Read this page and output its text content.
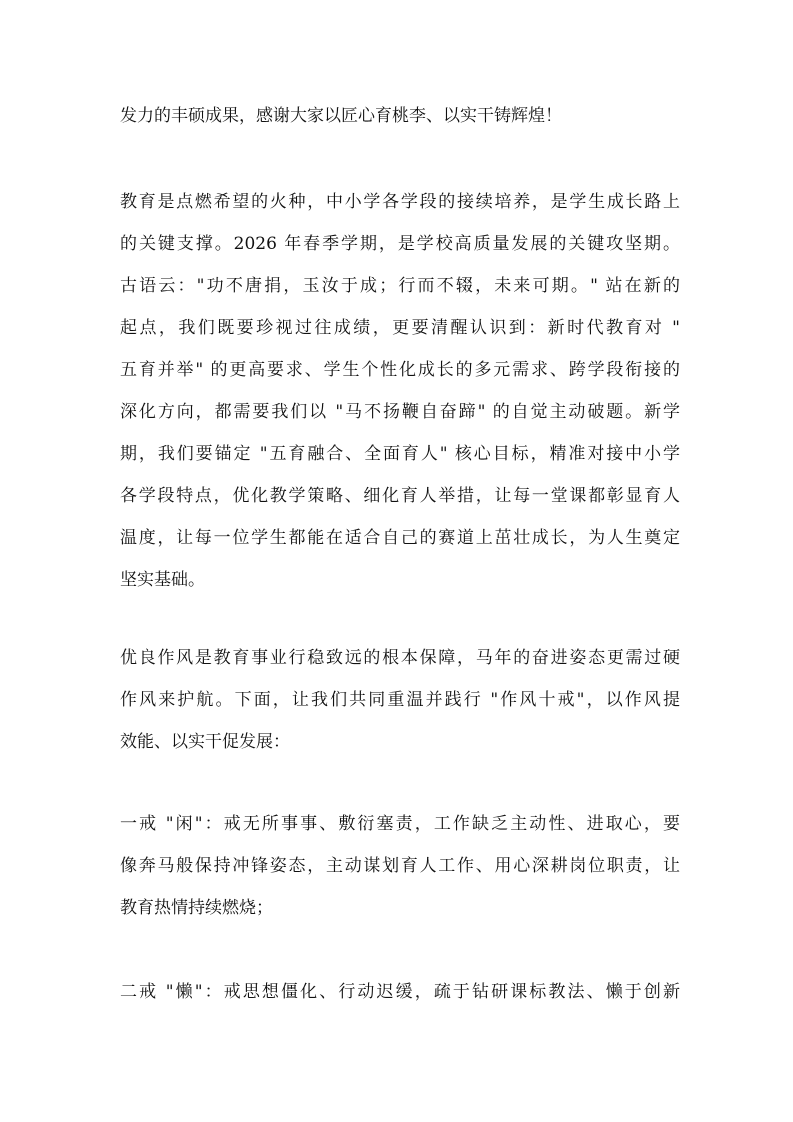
发力的丰硕成果，感谢大家以匠心育桃李、以实干铸辉煌！
教育是点燃希望的火种，中小学各学段的接续培养，是学生成长路上
的关键支撑。2026 年春季学期，是学校高质量发展的关键攻坚期。
古语云："功不唐捐，玉汝于成；行而不辍，未来可期。" 站在新的
起点，我们既要珍视过往成绩，更要清醒认识到：新时代教育对 "
五育并举" 的更高要求、学生个性化成长的多元需求、跨学段衔接的
深化方向，都需要我们以 "马不扬鞭自奋蹄" 的自觉主动破题。新学
期，我们要锚定 "五育融合、全面育人" 核心目标，精准对接中小学
各学段特点，优化教学策略、细化育人举措，让每一堂课都彰显育人
温度，让每一位学生都能在适合自己的赛道上茁壮成长，为人生奠定
坚实基础。
优良作风是教育事业行稳致远的根本保障，马年的奋进姿态更需过硬
作风来护航。下面，让我们共同重温并践行 "作风十戒"，以作风提
效能、以实干促发展：
一戒 "闲"：戒无所事事、敷衍塞责，工作缺乏主动性、进取心，要
像奔马般保持冲锋姿态，主动谋划育人工作、用心深耕岗位职责，让
教育热情持续燃烧；
二戒 "懒"：戒思想僵化、行动迟缓，疏于钻研课标教法、懒于创新
